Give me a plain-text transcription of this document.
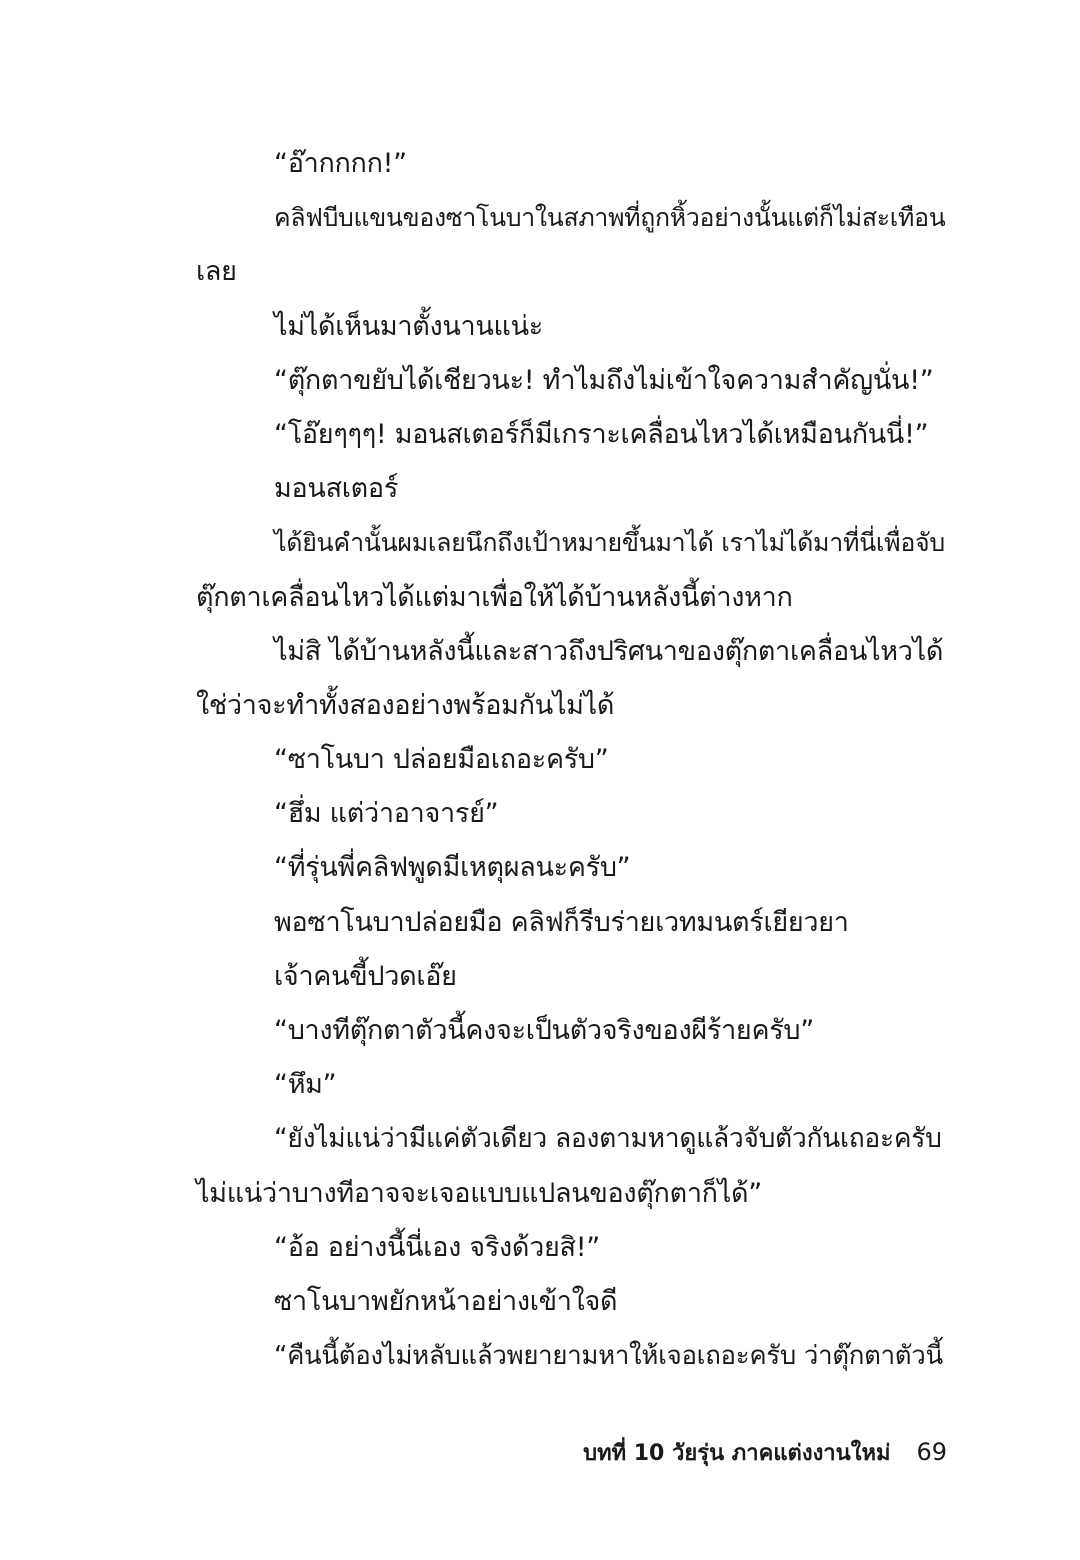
“อ๊ากกกก!”
คลิฟบีบแขนของซาโนบาในสภาพที่ถูกหิ้วอย่างนั้นแต่ก็ไม่สะเทือน
เลย
ไม่ได้เห็นมาตั้งนานแน่ะ
“ตุ๊กตาขยับได้เชียวนะ! ทำไมถึงไม่เข้าใจความสำคัญนั่น!”
“โอ๊ยๆๆๆ! มอนสเตอร์ก็มีเกราะเคลื่อนไหวได้เหมือนกันนี่!”
มอนสเตอร์
ได้ยินคำนั้นผมเลยนึกถึงเป้าหมายขึ้นมาได้ เราไม่ได้มาที่นี่เพื่อจับ
ตุ๊กตาเคลื่อนไหวได้แต่มาเพื่อให้ได้บ้านหลังนี้ต่างหาก
ไม่สิ ได้บ้านหลังนี้และสาวถึงปริศนาของตุ๊กตาเคลื่อนไหวได้
ใช่ว่าจะทำทั้งสองอย่างพร้อมกันไม่ได้
“ซาโนบา ปล่อยมือเถอะครับ”
“ฮึ่ม แต่ว่าอาจารย์”
“ที่รุ่นพี่คลิฟพูดมีเหตุผลนะครับ”
พอซาโนบาปล่อยมือ คลิฟก็รีบร่ายเวทมนตร์เยียวยา
เจ้าคนขี้ปวดเอ๊ย
“บางทีตุ๊กตาตัวนี้คงจะเป็นตัวจริงของผีร้ายครับ”
“หึม”
“ยังไม่แน่ว่ามีแค่ตัวเดียว ลองตามหาดูแล้วจับตัวกันเถอะครับ
ไม่แน่ว่าบางทีอาจจะเจอแบบแปลนของตุ๊กตาก็ได้”
“อ้อ อย่างนี้นี่เอง จริงด้วยสิ!”
ซาโนบาพยักหน้าอย่างเข้าใจดี
“คืนนี้ต้องไม่หลับแล้วพยายามหาให้เจอเถอะครับ ว่าตุ๊กตาตัวนี้
บทที่ 10 วัยรุ่น ภาคแต่งงานใหม่ 69
